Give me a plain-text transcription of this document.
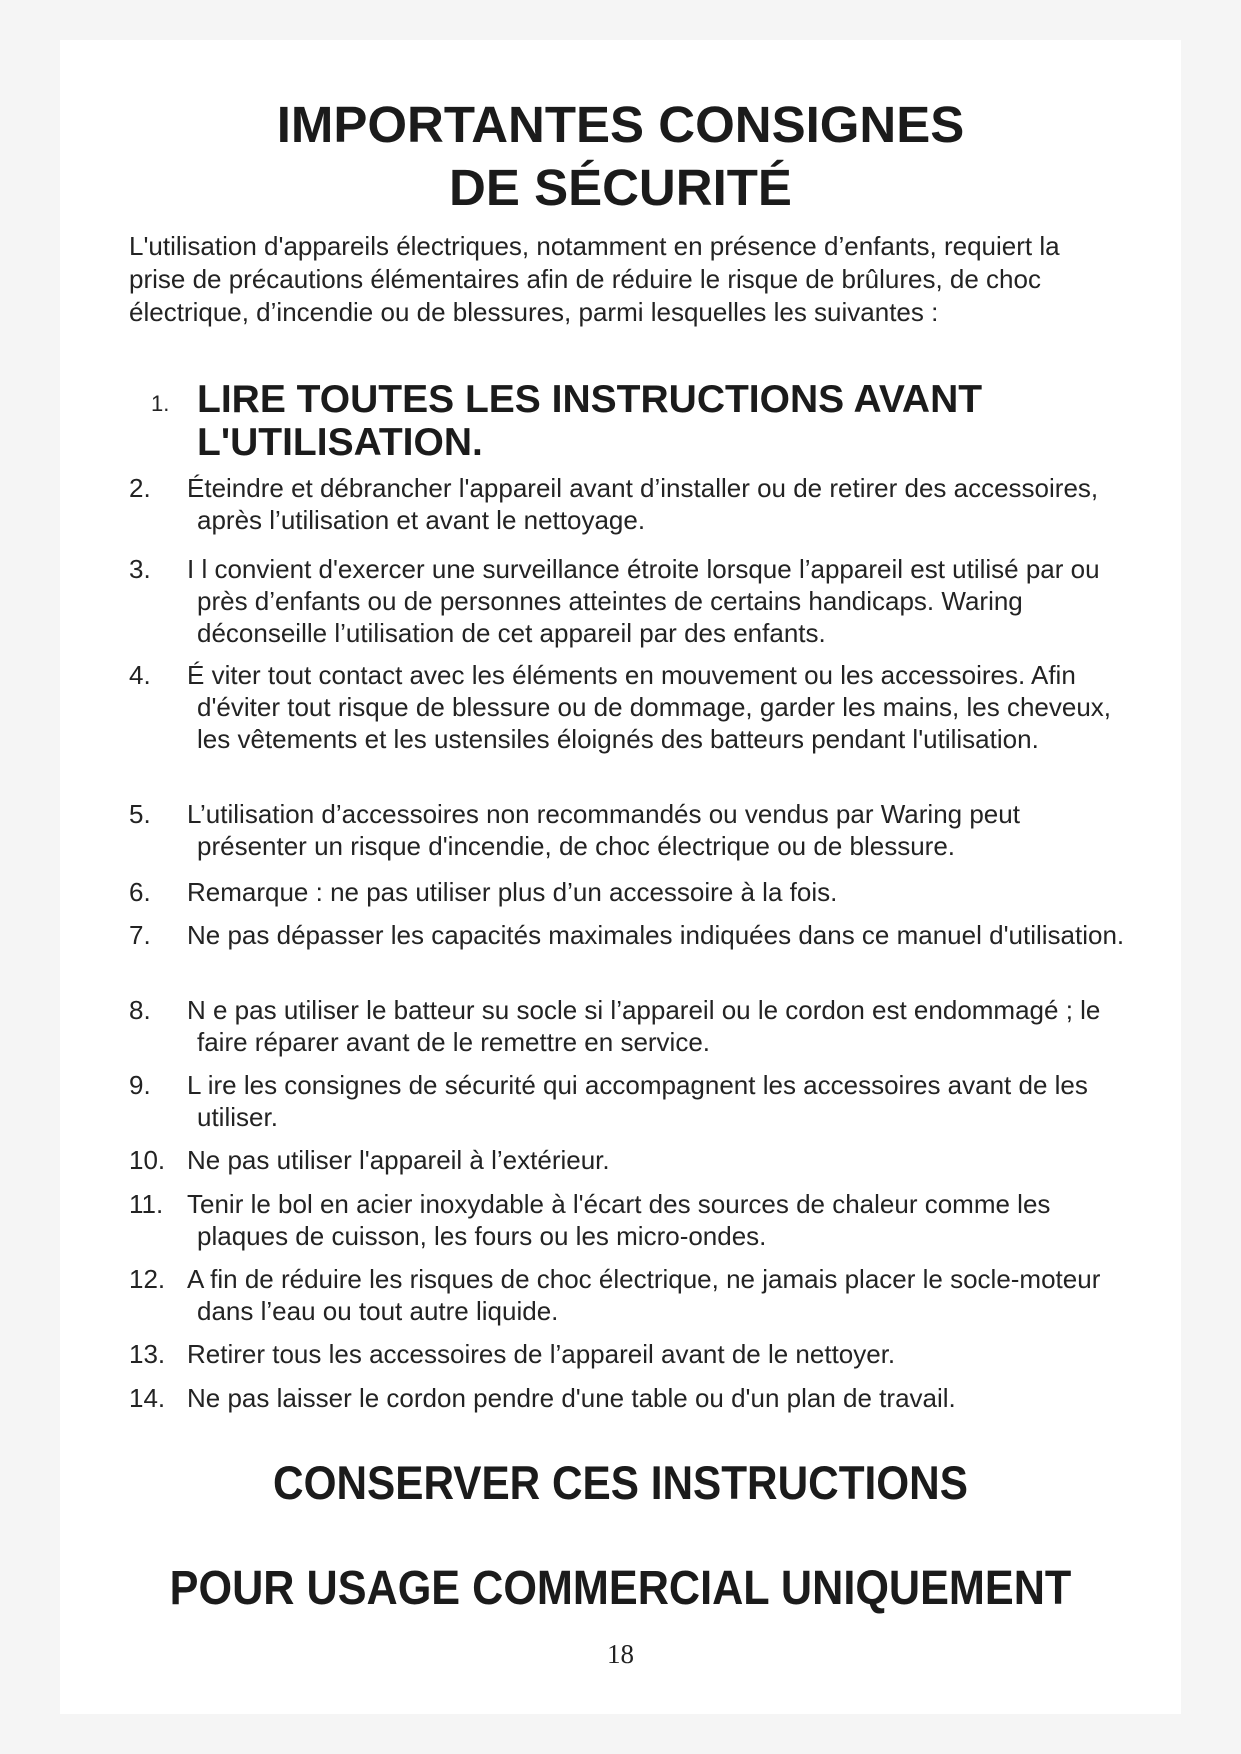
IMPORTANTES CONSIGNES
DE SÉCURITÉ

L'utilisation d'appareils électriques, notamment en présence d’enfants, requiert la prise de précautions élémentaires afin de réduire le risque de brûlures, de choc électrique, d’incendie ou de blessures, parmi lesquelles les suivantes :

1. LIRE TOUTES LES INSTRUCTIONS AVANT L'UTILISATION.
2.	Éteindre et débrancher l'appareil avant d’installer ou de retirer des accessoires, après l’utilisation et avant le nettoyage.
3.	I l convient d'exercer une surveillance étroite lorsque l’appareil est utilisé par ou près d’enfants ou de personnes atteintes de certains handicaps. Waring déconseille l’utilisation de cet appareil par des enfants.
4.	É viter tout contact avec les éléments en mouvement ou les accessoires. Afin d'éviter tout risque de blessure ou de dommage, garder les mains, les cheveux, les vêtements et les ustensiles éloignés des batteurs pendant l'utilisation.
5.	L’utilisation d’accessoires non recommandés ou vendus par Waring peut présenter un risque d'incendie, de choc électrique ou de blessure.
6.	Remarque : ne pas utiliser plus d’un accessoire à la fois.
7.	Ne pas dépasser les capacités maximales indiquées dans ce manuel d'utilisation.
8.	N e pas utiliser le batteur su socle si l’appareil ou le cordon est endommagé ; le faire réparer avant de le remettre en service.
9.	L ire les consignes de sécurité qui accompagnent les accessoires avant de les utiliser.
10. Ne pas utiliser l'appareil à l’extérieur.
11. Tenir le bol en acier inoxydable à l'écart des sources de chaleur comme les plaques de cuisson, les fours ou les micro-ondes.
12. A fin de réduire les risques de choc électrique, ne jamais placer le socle-moteur dans l’eau ou tout autre liquide.
13. Retirer tous les accessoires de l’appareil avant de le nettoyer.
14. Ne pas laisser le cordon pendre d'une table ou d'un plan de travail.
CONSERVER CES INSTRUCTIONS
POUR USAGE COMMERCIAL UNIQUEMENT
18
